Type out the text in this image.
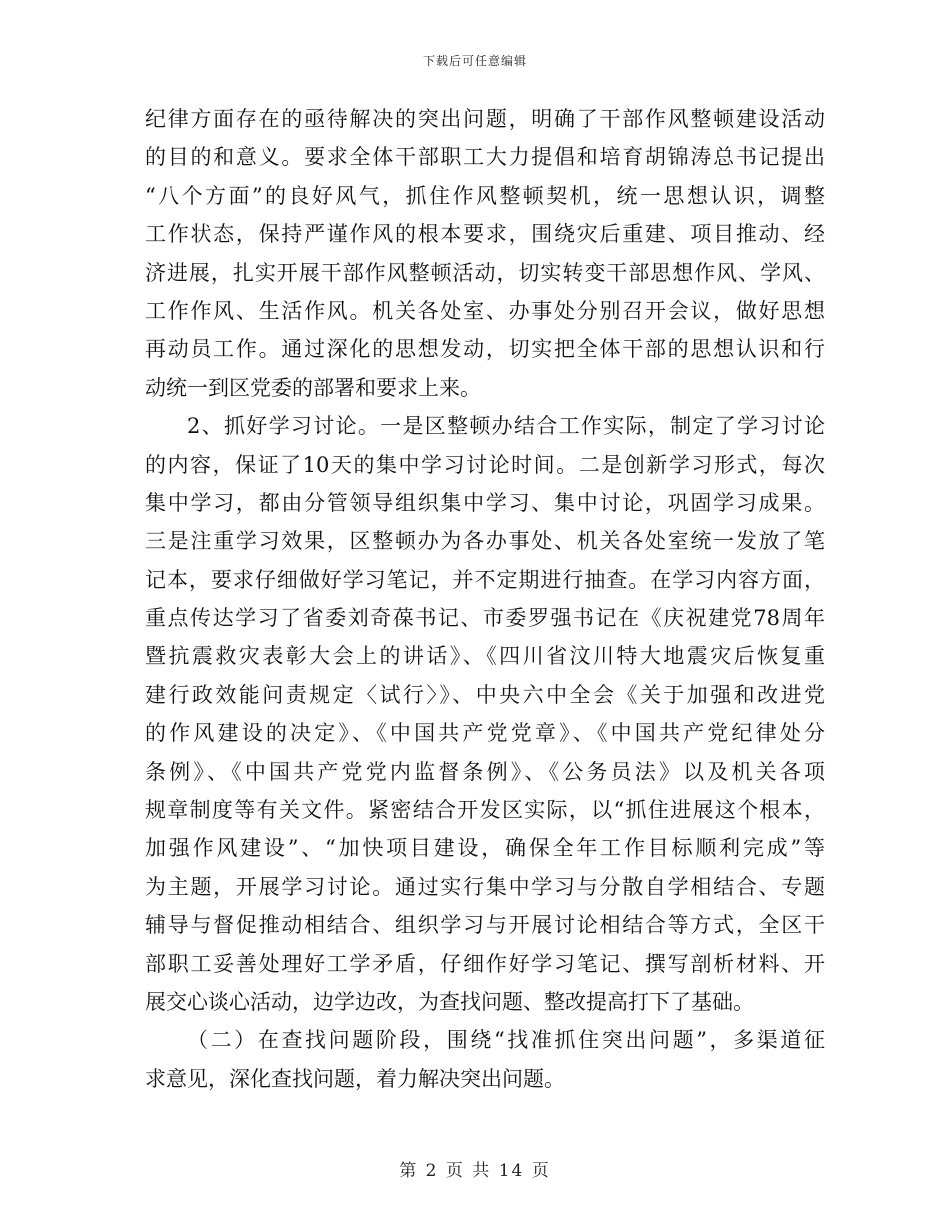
下载后可任意编辑
纪律方面存在的亟待解决的突出问题，明确了干部作风整顿建设活动
的目的和意义。要求全体干部职工大力提倡和培育胡锦涛总书记提出
“八个方面”的良好风气，抓住作风整顿契机，统一思想认识，调整
工作状态，保持严谨作风的根本要求，围绕灾后重建、项目推动、经
济进展，扎实开展干部作风整顿活动，切实转变干部思想作风、学风、
工作作风、生活作风。机关各处室、办事处分别召开会议，做好思想
再动员工作。通过深化的思想发动，切实把全体干部的思想认识和行
动统一到区党委的部署和要求上来。
2、抓好学习讨论。一是区整顿办结合工作实际，制定了学习讨论
的内容，保证了10天的集中学习讨论时间。二是创新学习形式，每次
集中学习，都由分管领导组织集中学习、集中讨论，巩固学习成果。
三是注重学习效果，区整顿办为各办事处、机关各处室统一发放了笔
记本，要求仔细做好学习笔记，并不定期进行抽查。在学习内容方面，
重点传达学习了省委刘奇葆书记、市委罗强书记在《庆祝建党78周年
暨抗震救灾表彰大会上的讲话》、《四川省汶川特大地震灾后恢复重
建行政效能问责规定〈试行〉》、中央六中全会《关于加强和改进党
的作风建设的决定》、《中国共产党党章》、《中国共产党纪律处分
条例》、《中国共产党党内监督条例》、《公务员法》以及机关各项
规章制度等有关文件。紧密结合开发区实际，以“抓住进展这个根本，
加强作风建设”、“加快项目建设，确保全年工作目标顺利完成”等
为主题，开展学习讨论。通过实行集中学习与分散自学相结合、专题
辅导与督促推动相结合、组织学习与开展讨论相结合等方式，全区干
部职工妥善处理好工学矛盾，仔细作好学习笔记、撰写剖析材料、开
展交心谈心活动，边学边改，为查找问题、整改提高打下了基础。
（二）在查找问题阶段，围绕“找准抓住突出问题”，多渠道征
求意见，深化查找问题，着力解决突出问题。
第 2 页 共 14 页
